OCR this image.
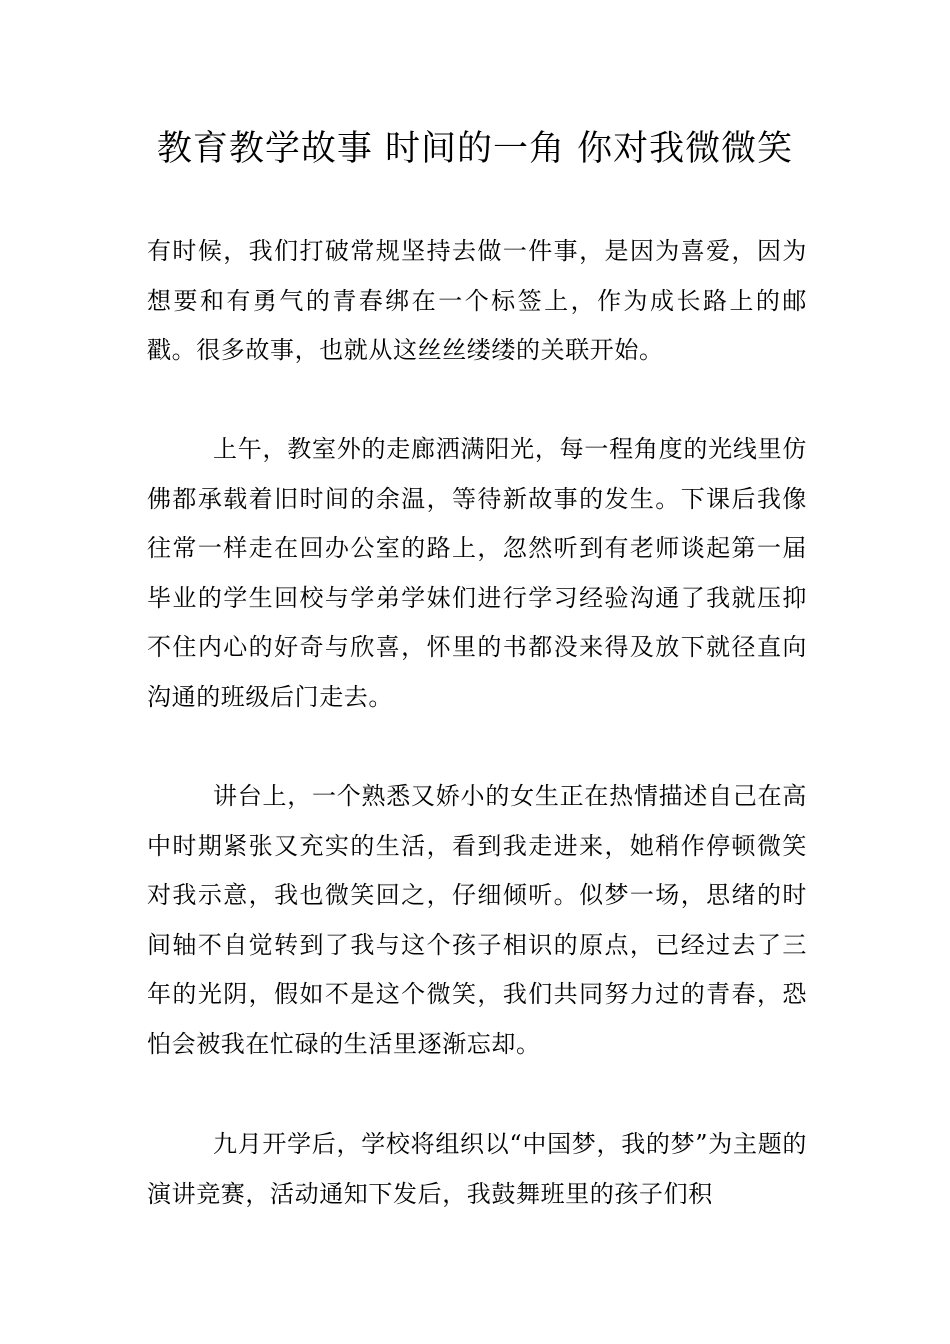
教育教学故事 时间的一角 你对我微微笑

有时候，我们打破常规坚持去做一件事，是因为喜爱，因为想要和有勇气的青春绑在一个标签上，作为成长路上的邮戳。很多故事，也就从这丝丝缕缕的关联开始。

上午，教室外的走廊洒满阳光，每一程角度的光线里仿佛都承载着旧时间的余温，等待新故事的发生。下课后我像往常一样走在回办公室的路上，忽然听到有老师谈起第一届毕业的学生回校与学弟学妹们进行学习经验沟通了我就压抑不住内心的好奇与欣喜，怀里的书都没来得及放下就径直向沟通的班级后门走去。

讲台上，一个熟悉又娇小的女生正在热情描述自己在高中时期紧张又充实的生活，看到我走进来，她稍作停顿微笑对我示意，我也微笑回之，仔细倾听。似梦一场，思绪的时间轴不自觉转到了我与这个孩子相识的原点，已经过去了三年的光阴，假如不是这个微笑，我们共同努力过的青春，恐怕会被我在忙碌的生活里逐渐忘却。

九月开学后，学校将组织以“中国梦，我的梦”为主题的演讲竞赛，活动通知下发后，我鼓舞班里的孩子们积
